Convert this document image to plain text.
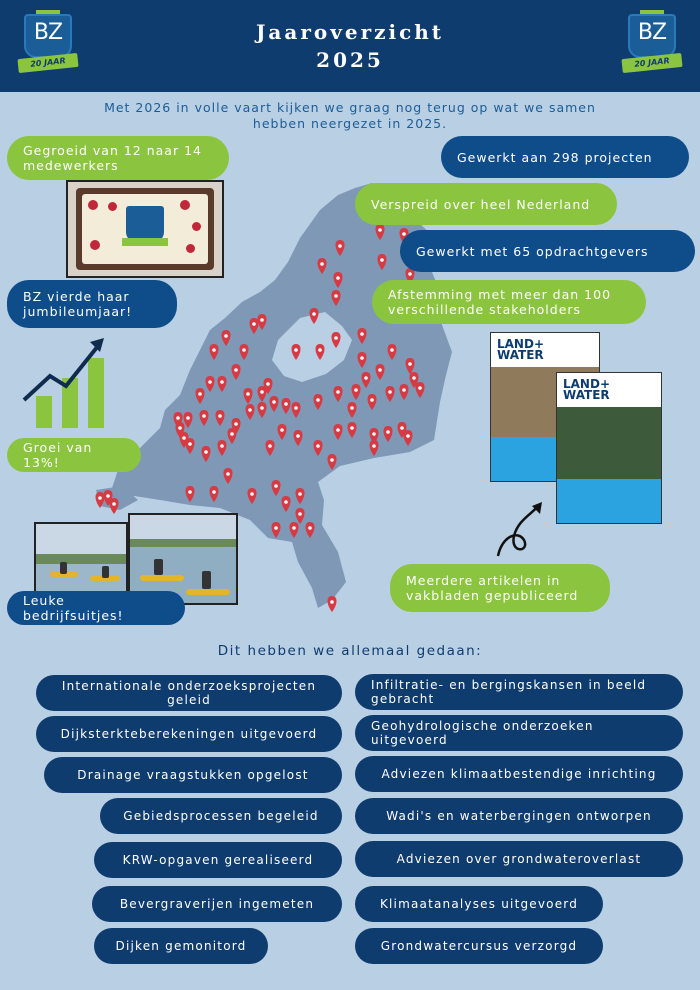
BZ
20 JAAR
Jaaroverzicht
2025
BZ
20 JAAR
Met 2026 in volle vaart kijken we graag nog terug op wat we samen hebben neergezet in 2025.
Gegroeid van 12 naar 14 medewerkers
BZ vierde haar jumbileumjaar!
Groei van 13%!
Leuke bedrijfsuitjes!
Gewerkt aan 298 projecten
Verspreid over heel Nederland
Gewerkt met 65 opdrachtgevers
Afstemming met meer dan 100 verschillende stakeholders
LAND+
WATER
LAND+
WATER
Meerdere artikelen in vakbladen gepubliceerd
Dit hebben we allemaal gedaan:
Internationale onderzoeksprojecten geleid
Dijksterkteberekeningen uitgevoerd
Drainage vraagstukken opgelost
Gebiedsprocessen begeleid
KRW-opgaven gerealiseerd
Bevergraverijen ingemeten
Dijken gemonitord
Infiltratie- en bergingskansen in beeld gebracht
Geohydrologische onderzoeken uitgevoerd
Adviezen klimaatbestendige inrichting
Wadi's en waterbergingen ontworpen
Adviezen over grondwateroverlast
Klimaatanalyses uitgevoerd
Grondwatercursus verzorgd
